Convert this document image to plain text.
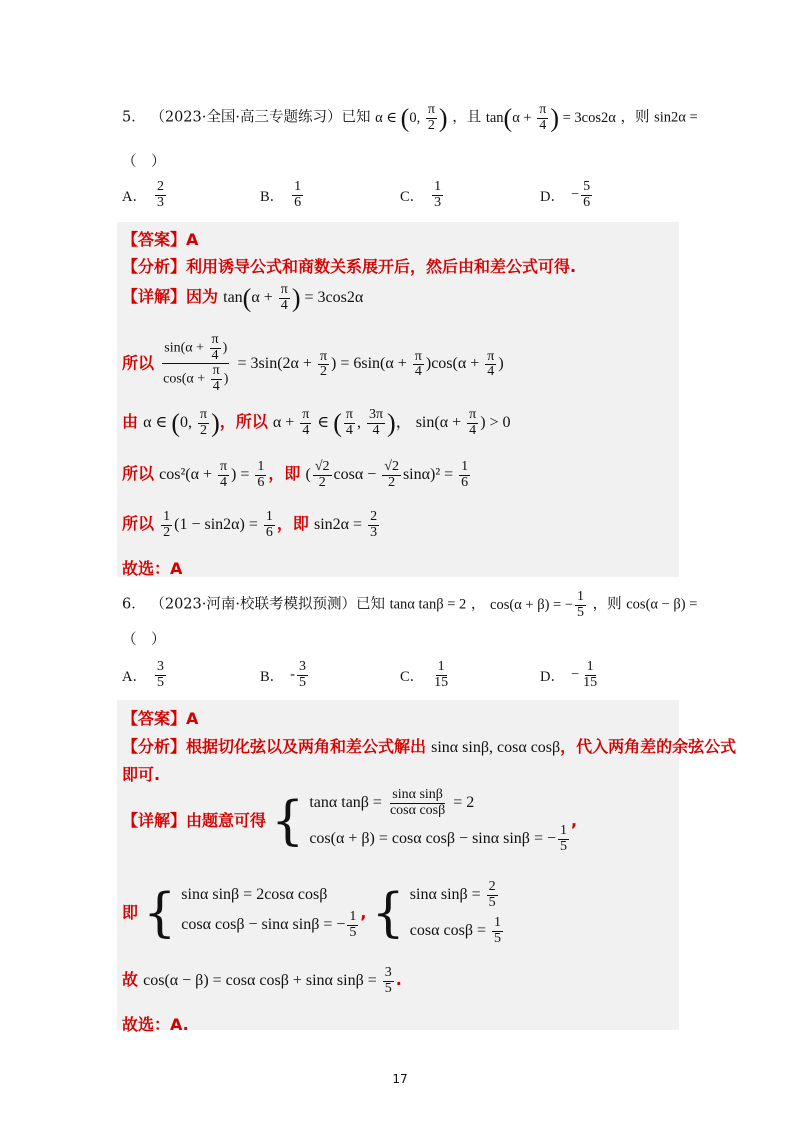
5． （2023·全国·高三专题练习）已知 α ∈ (0, $\frac{\pi}{2}$ ) ，且 $\tan(\alpha + \frac{\pi}{4}$ ) = 3cos2α ，则 sin2α =
（　）
A． $\frac{2}{3}$	B． $\frac{1}{6}$	C． $\frac{1}{3}$	D． − $\frac{5}{6}$
【答案】A
【分析】利用诱导公式和商数关系展开后，然后由和差公式可得.
【详解】因为 $\tan(\alpha + \frac{\pi}{4}$ ) = 3cos2α
所以 $\frac{\sin(\alpha + \frac{\pi}{4} )}{\cos(\alpha + \frac{\pi}{4} )} = 3\sin(2\alpha + \frac{\pi}{2}$ ) = $6\sin(\alpha + \frac{\pi}{4} )\cos(\alpha + \frac{\pi}{4}$ )
由 α ∈ (0, $\frac{\pi}{2}$ )，所以 $\alpha + \frac{\pi}{4}$ ∈ ( $\frac{\pi}{4}$ , $\frac{3\pi}{4}$ )， $\sin(\alpha + \frac{\pi}{4}$ ) > 0
所以 $\cos^2(\alpha + \frac{\pi}{4}$ ) = $\frac{1}{6}$ ，即 ( $\frac{√2}{2}$ $\cos\alpha - \frac{√2}{2} \sin\alpha)^2 = \frac{1}{6}$
所以 $\frac{1}{2} (1 - \sin 2\alpha) = \frac{1}{6}$ ，即 $\sin 2\alpha = \frac{2}{3}$
故选：A
6． （2023·河南·校联考模拟预测）已知 tanα tanβ = 2 ， cos(α + β) = − $\frac{1}{5}$ ，则 cos(α − β) =
（　）
A． $\frac{3}{5}$	B． - $\frac{3}{5}$	C． $\frac{1}{15}$	D． − $\frac{1}{15}$
【答案】A
【分析】根据切化弦以及两角和差公式解出 sinα sinβ, cosα cosβ，代入两角差的余弦公式
即可.
【详解】由题意可得 { tanα $\tan\beta = \frac{\text{sinα sinβ}}{\text{cosα cosβ}} = 2$
cos(α + β) = cosα cosβ − sinα sinβ = − $\frac{1}{5}$
,
即 { sinα sinβ = 2cosα cosβ
cosα cosβ − sinα sinβ = − $\frac{1}{5}$ , { sinα $\sin\beta = \frac{2}{5}$
cosα $\cos\beta = \frac{1}{5}$
故 cos(α − β) = cosα cosβ + sinα $\sin\beta = \frac{3}{5}$ .
故选：A.
17
